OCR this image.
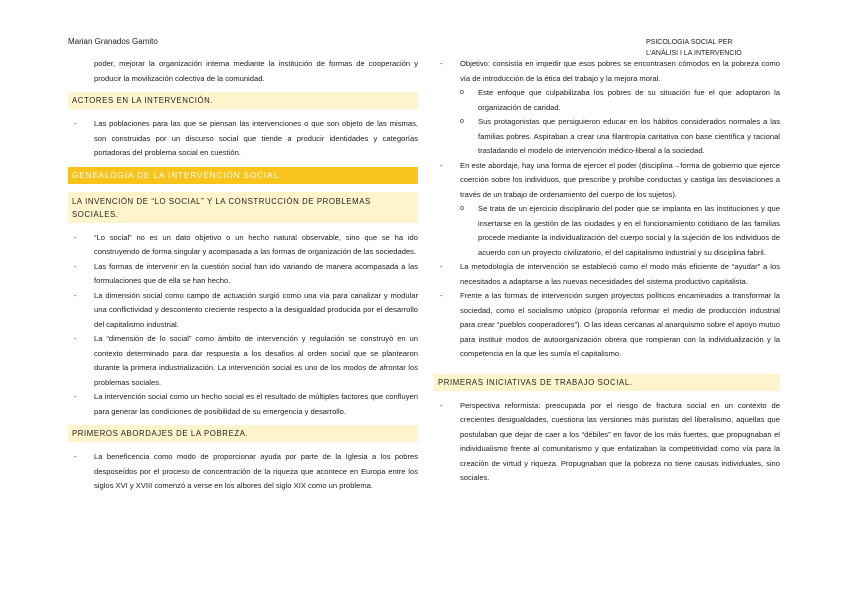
Marian Granados Gamito	PSICOLOGIA SOCIAL PER
L'ANÀLISI I LA INTERVENCIÓ

poder, mejorar la organización interna mediante la institución de formas de cooperación y producir la movilización colectiva de la comunidad.

ACTORES EN LA INTERVENCIÓN.
- Las poblaciones para las que se piensan las intervenciones o que son objeto de las mismas, son construidas por un discurso social que tiende a producir identidades y categorías portadoras del problema social en cuestión.
GENEALOGÍA DE LA INTERVENCIÓN SOCIAL.
LA INVENCIÓN DE “LO SOCIAL” Y LA CONSTRUCCIÓN DE PROBLEMAS SOCIALES.
- “Lo social” no es un dato objetivo o un hecho natural observable, sino que se ha ido construyendo de forma singular y acompasada a las formas de organización de las sociedades.
- Las formas de intervenir en la cuestión social han ido variando de manera acompasada a las formulaciones que de ella se han hecho.
- La dimensión social como campo de actuación surgió como una vía para canalizar y modular una conflictividad y descontento creciente respecto a la desigualdad producida por el desarrollo del capitalismo industrial.
- La “dimensión de lo social” como ámbito de intervención y regulación se construyó en un contexto determinado para dar respuesta a los desafíos al orden social que se plantearon durante la primera industrialización. La intervención social es uno de los modos de afrontar los problemas sociales.
- La intervención social como un hecho social es el resultado de múltiples factores que confluyen para generar las condiciones de posibilidad de su emergencia y desarrollo.
PRIMEROS ABORDAJES DE LA POBREZA.
- La beneficencia como modo de proporcionar ayuda por parte de la Iglesia a los pobres desposeídos por el proceso de concentración de la riqueza que acontece en Europa entre los siglos XVI y XVIII comenzó a verse en los albores del siglo XIX como un problema.
- Objetivo: consistía en impedir que esos pobres se encontrasen cómodos en la pobreza como vía de introducción de la ética del trabajo y la mejora moral.
o Este enfoque que culpabilizaba los pobres de su situación fue el que adoptaron la organización de caridad.
o Sus protagonistas que persiguieron educar en los hábitos considerados normales a las familias pobres. Aspiraban a crear una filantropía caritativa con base científica y racional trasladando el modelo de intervención médico-liberal a la sociedad.
- En este abordaje, hay una forma de ejercer el poder (disciplina→forma de gobierno que ejerce coerción sobre los individuos, que prescribe y prohíbe conductas y castiga las desviaciones a través de un trabajo de ordenamiento del cuerpo de los sujetos).
o Se trata de un ejercicio disciplinario del poder que se implanta en las instituciones y que insertarse en la gestión de las ciudades y en el funcionamiento cotidiano de las familias procede mediante la individualización del cuerpo social y la sujeción de los individuos de acuerdo con un proyecto civilizatorio, el del capitalismo industrial y su disciplina fabril.
- La metodología de intervención se estableció como el modo más eficiente de “ayudar” a los necesitados a adaptarse a las nuevas necesidades del sistema productivo capitalista.
- Frente a las formas de intervención surgen proyectos políticos encaminados a transformar la sociedad, como el socialismo utópico (proponía reformar el medio de producción industrial para crear “pueblos cooperadores”). O las ideas cercanas al anarquismo sobre el apoyo mutuo para instituir modos de autoorganización obrera que rompieran con la individualización y la competencia en la que les sumía el capitalismo.
PRIMERAS INICIATIVAS DE TRABAJO SOCIAL.
- Perspectiva reformista: preocupada por el riesgo de fractura social en un contexto de crecientes desigualdades, cuestiona las versiones más puristas del liberalismo, aquellas que postulaban que dejar de caer a los “débiles” en favor de los más fuertes, que propugnaban el individualismo frente al comunitarismo y que enfatizaban la competitividad como vía para la creación de virtud y riqueza. Propugnaban que la pobreza no tiene causas individuales, sino sociales.
